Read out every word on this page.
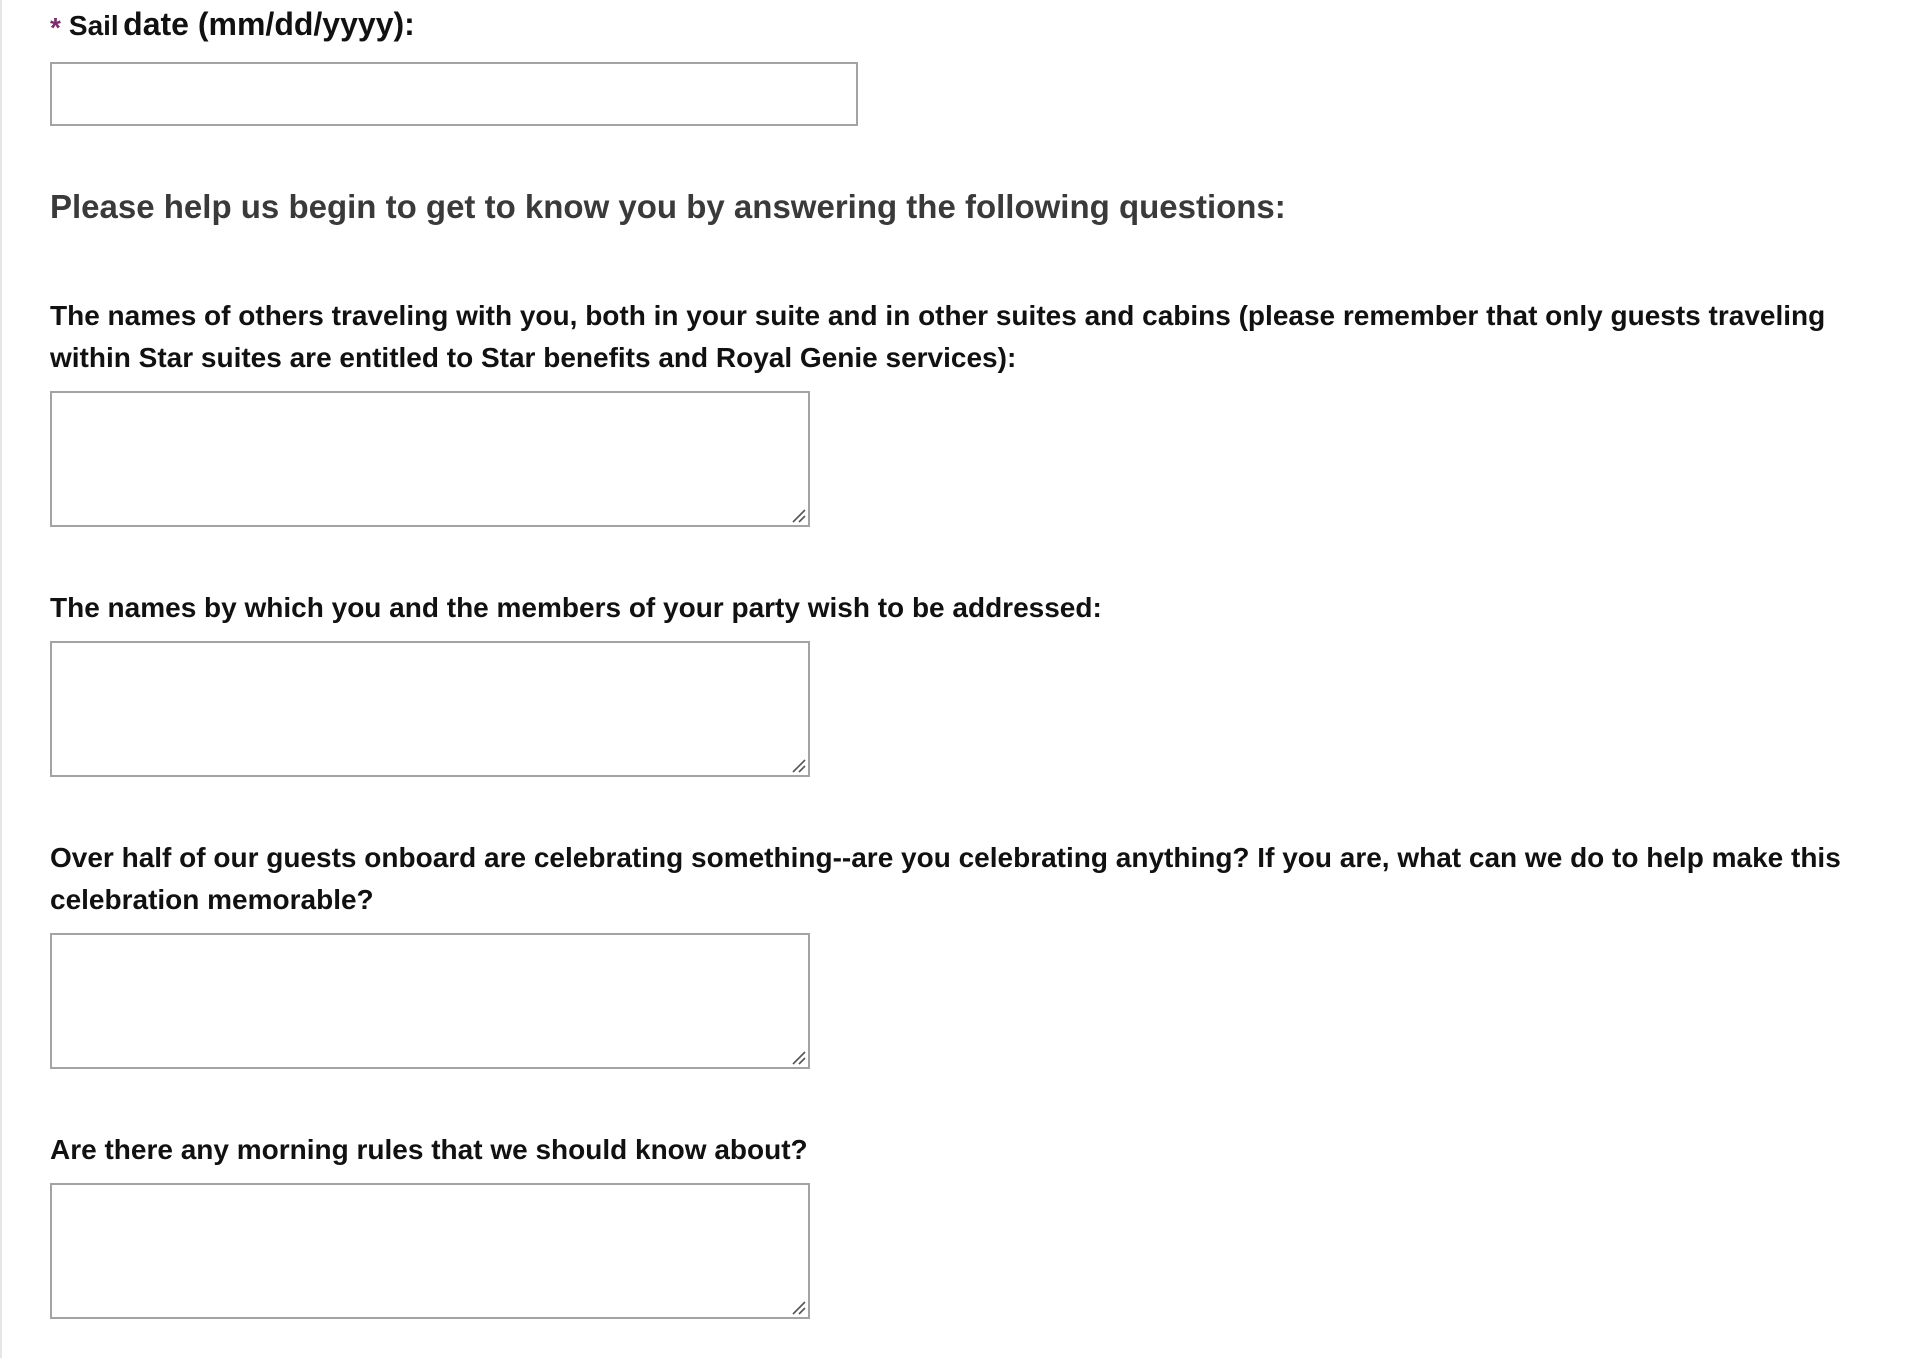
* Sail date (mm/dd/yyyy):
Please help us begin to get to know you by answering the following questions:
The names of others traveling with you, both in your suite and in other suites and cabins (please remember that only guests traveling within Star suites are entitled to Star benefits and Royal Genie services):
The names by which you and the members of your party wish to be addressed:
Over half of our guests onboard are celebrating something--are you celebrating anything? If you are, what can we do to help make this celebration memorable?
Are there any morning rules that we should know about?
